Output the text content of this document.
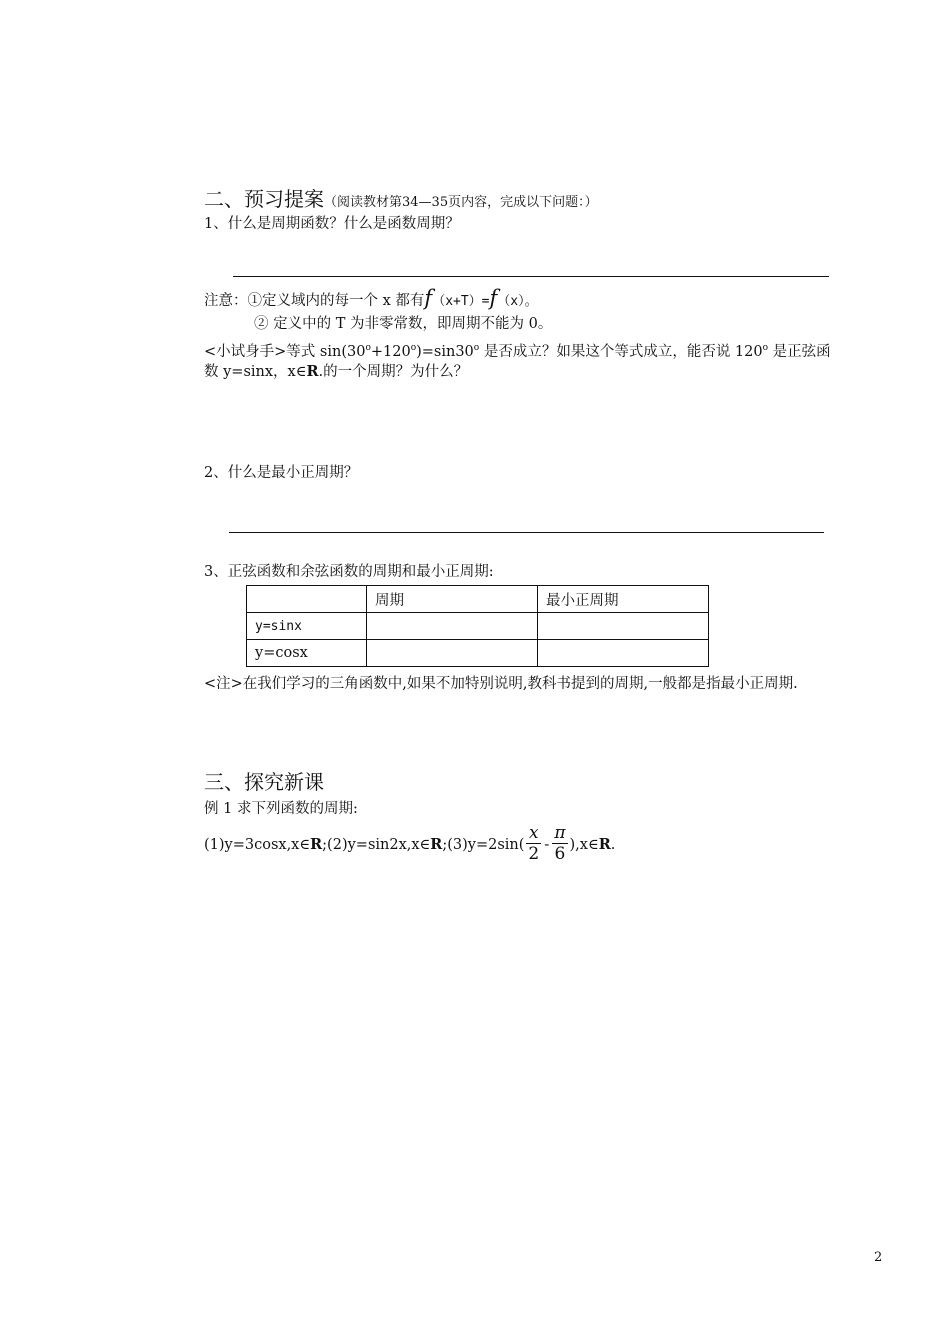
二、预习提案（阅读教材第34—35页内容，完成以下问题：）
1、什么是周期函数？什么是函数周期？
注意：①定义域内的每一个 x 都有f（x+T）=f（x）。
② 定义中的 T 为非零常数，即周期不能为 0。
<小试身手>等式 $\sin(30^o+120^o)=\sin 30^o$ 是否成立？如果这个等式成立，能否说 120$^o$ 是正弦函
数 y=sinx，x∈R.的一个周期？为什么？
2、什么是最小正周期？
3、正弦函数和余弦函数的周期和最小正周期:
	周期	最小正周期
y=sinx		
y=cosx		
<注>在我们学习的三角函数中,如果不加特别说明,教科书提到的周期,一般都是指最小正周期.
三、探究新课
例 1 求下列函数的周期:
(1)y=3cosx,x∈R;(2)y=sin2x,x∈R;(3)y=2sin( $\frac{x}{2} - \frac{\pi}{6}$ ),x∈R.
2
